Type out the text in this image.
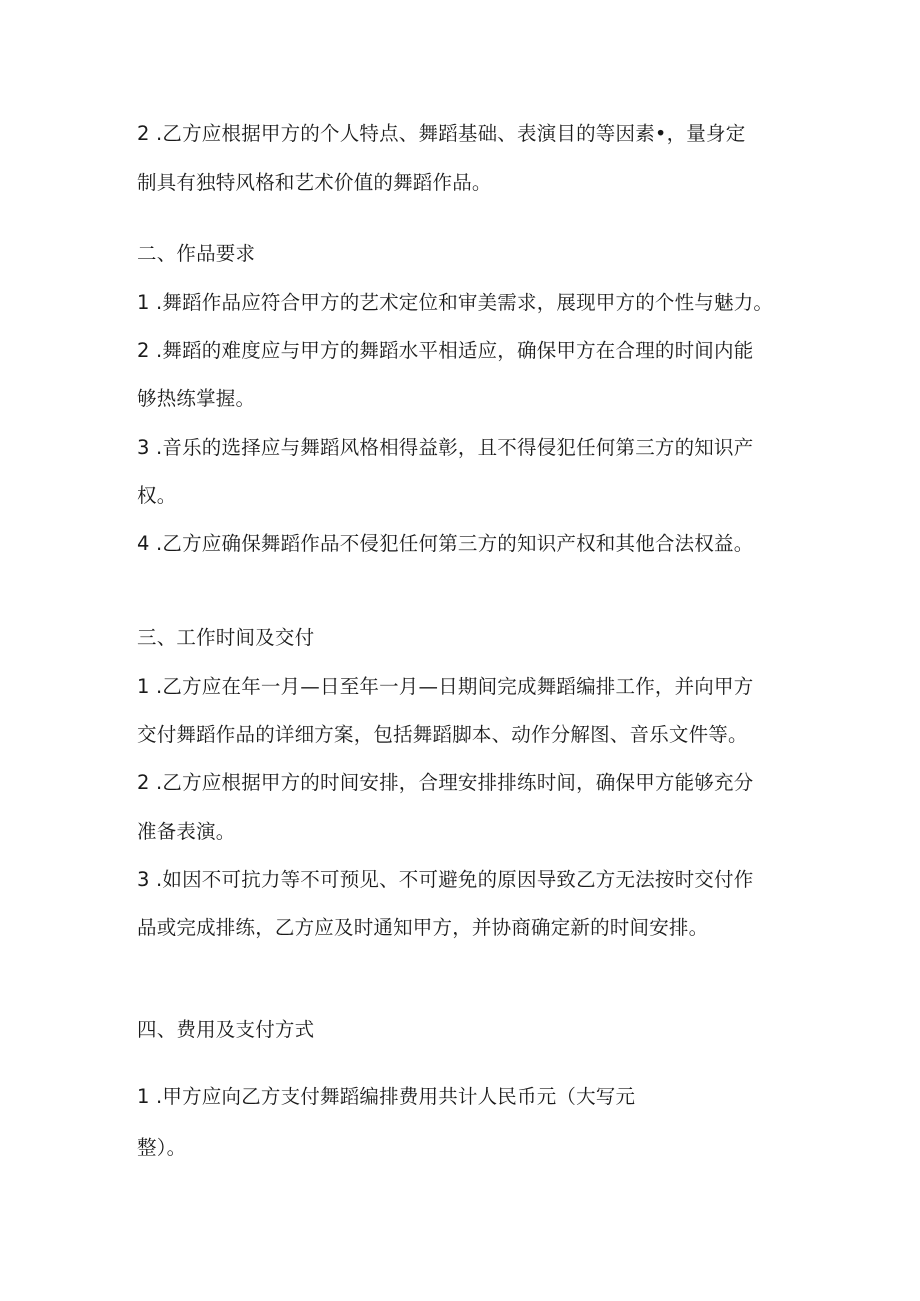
2 .乙方应根据甲方的个人特点、舞蹈基础、表演目的等因素•，量身定
制具有独特风格和艺术价值的舞蹈作品。
二、作品要求
1 .舞蹈作品应符合甲方的艺术定位和审美需求，展现甲方的个性与魅力。
2 .舞蹈的难度应与甲方的舞蹈水平相适应，确保甲方在合理的时间内能
够热练掌握。
3 .音乐的选择应与舞蹈风格相得益彰，且不得侵犯任何第三方的知识产
权。
4 .乙方应确保舞蹈作品不侵犯任何第三方的知识产权和其他合法权益。
三、工作时间及交付
1 .乙方应在年一月—日至年一月—日期间完成舞蹈编排工作，并向甲方
交付舞蹈作品的详细方案，包括舞蹈脚本、动作分解图、音乐文件等。
2 .乙方应根据甲方的时间安排，合理安排排练时间，确保甲方能够充分
准备表演。
3 .如因不可抗力等不可预见、不可避免的原因导致乙方无法按时交付作
品或完成排练，乙方应及时通知甲方，并协商确定新的时间安排。
四、费用及支付方式
1 .甲方应向乙方支付舞蹈编排费用共计人民币元（大写元
整）。
